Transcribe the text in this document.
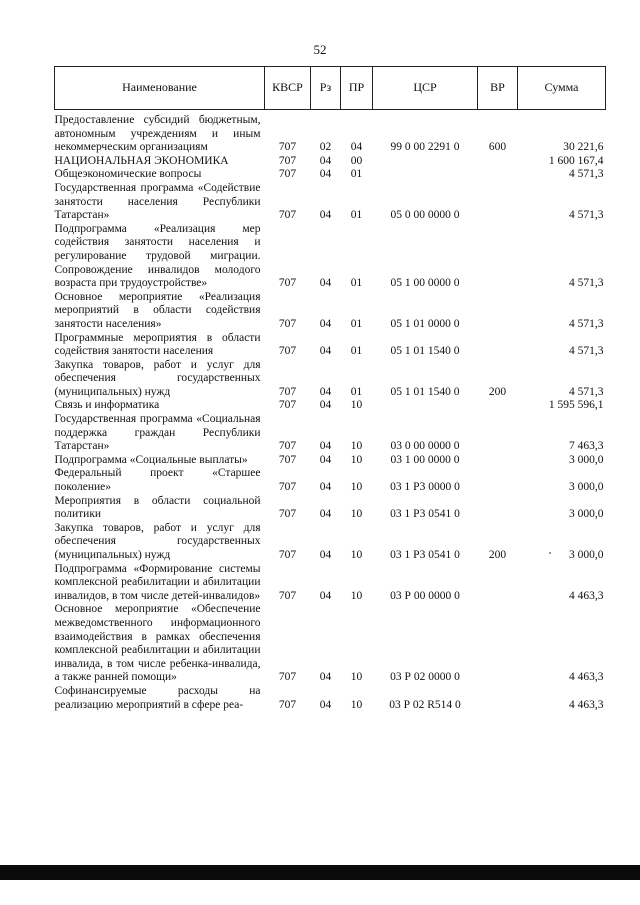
52
Наименование	КВСР	Рз	ПР	ЦСР	ВР	Сумма
Предоставление субсидий бюджетным, автономным учреждениям и иным некоммерческим организациям	707	02	04	99 0 00 2291 0	600	30 221,6
НАЦИОНАЛЬНАЯ ЭКОНОМИКА	707	04	00			1 600 167,4
Общеэкономические вопросы	707	04	01			4 571,3
Государственная программа «Содействие занятости населения Республики Татарстан»	707	04	01	05 0 00 0000 0		4 571,3
Подпрограмма «Реализация мер содействия занятости населения и регулирование трудовой миграции. Сопровождение инвалидов молодого возраста при трудоустройстве»	707	04	01	05 1 00 0000 0		4 571,3
Основное мероприятие «Реализация мероприятий в области содействия занятости населения»	707	04	01	05 1 01 0000 0		4 571,3
Программные мероприятия в области содействия занятости населения	707	04	01	05 1 01 1540 0		4 571,3
Закупка товаров, работ и услуг для обеспечения государственных (муниципальных) нужд	707	04	01	05 1 01 1540 0	200	4 571,3
Связь и информатика	707	04	10			1 595 596,1
Государственная программа «Социальная поддержка граждан Республики Татарстан»	707	04	10	03 0 00 0000 0		7 463,3
Подпрограмма «Социальные выплаты»	707	04	10	03 1 00 0000 0		3 000,0
Федеральный проект «Старшее поколение»	707	04	10	03 1 P3 0000 0		3 000,0
Мероприятия в области социальной политики	707	04	10	03 1 P3 0541 0		3 000,0
Закупка товаров, работ и услуг для обеспечения государственных (муниципальных) нужд	707	04	10	03 1 P3 0541 0	200	3 000,0
Подпрограмма «Формирование системы комплексной реабилитации и абилитации инвалидов, в том числе детей-инвалидов»	707	04	10	03 Р 00 0000 0		4 463,3
Основное мероприятие «Обеспечение межведомственного информационного взаимодействия в рамках обеспечения комплексной реабилитации и абилитации инвалида, в том числе ребенка-инвалида, а также ранней помощи»	707	04	10	03 Р 02 0000 0		4 463,3
Софинансируемые расходы на реализацию мероприятий в сфере реа-	707	04	10	03 Р 02 R514 0		4 463,3
